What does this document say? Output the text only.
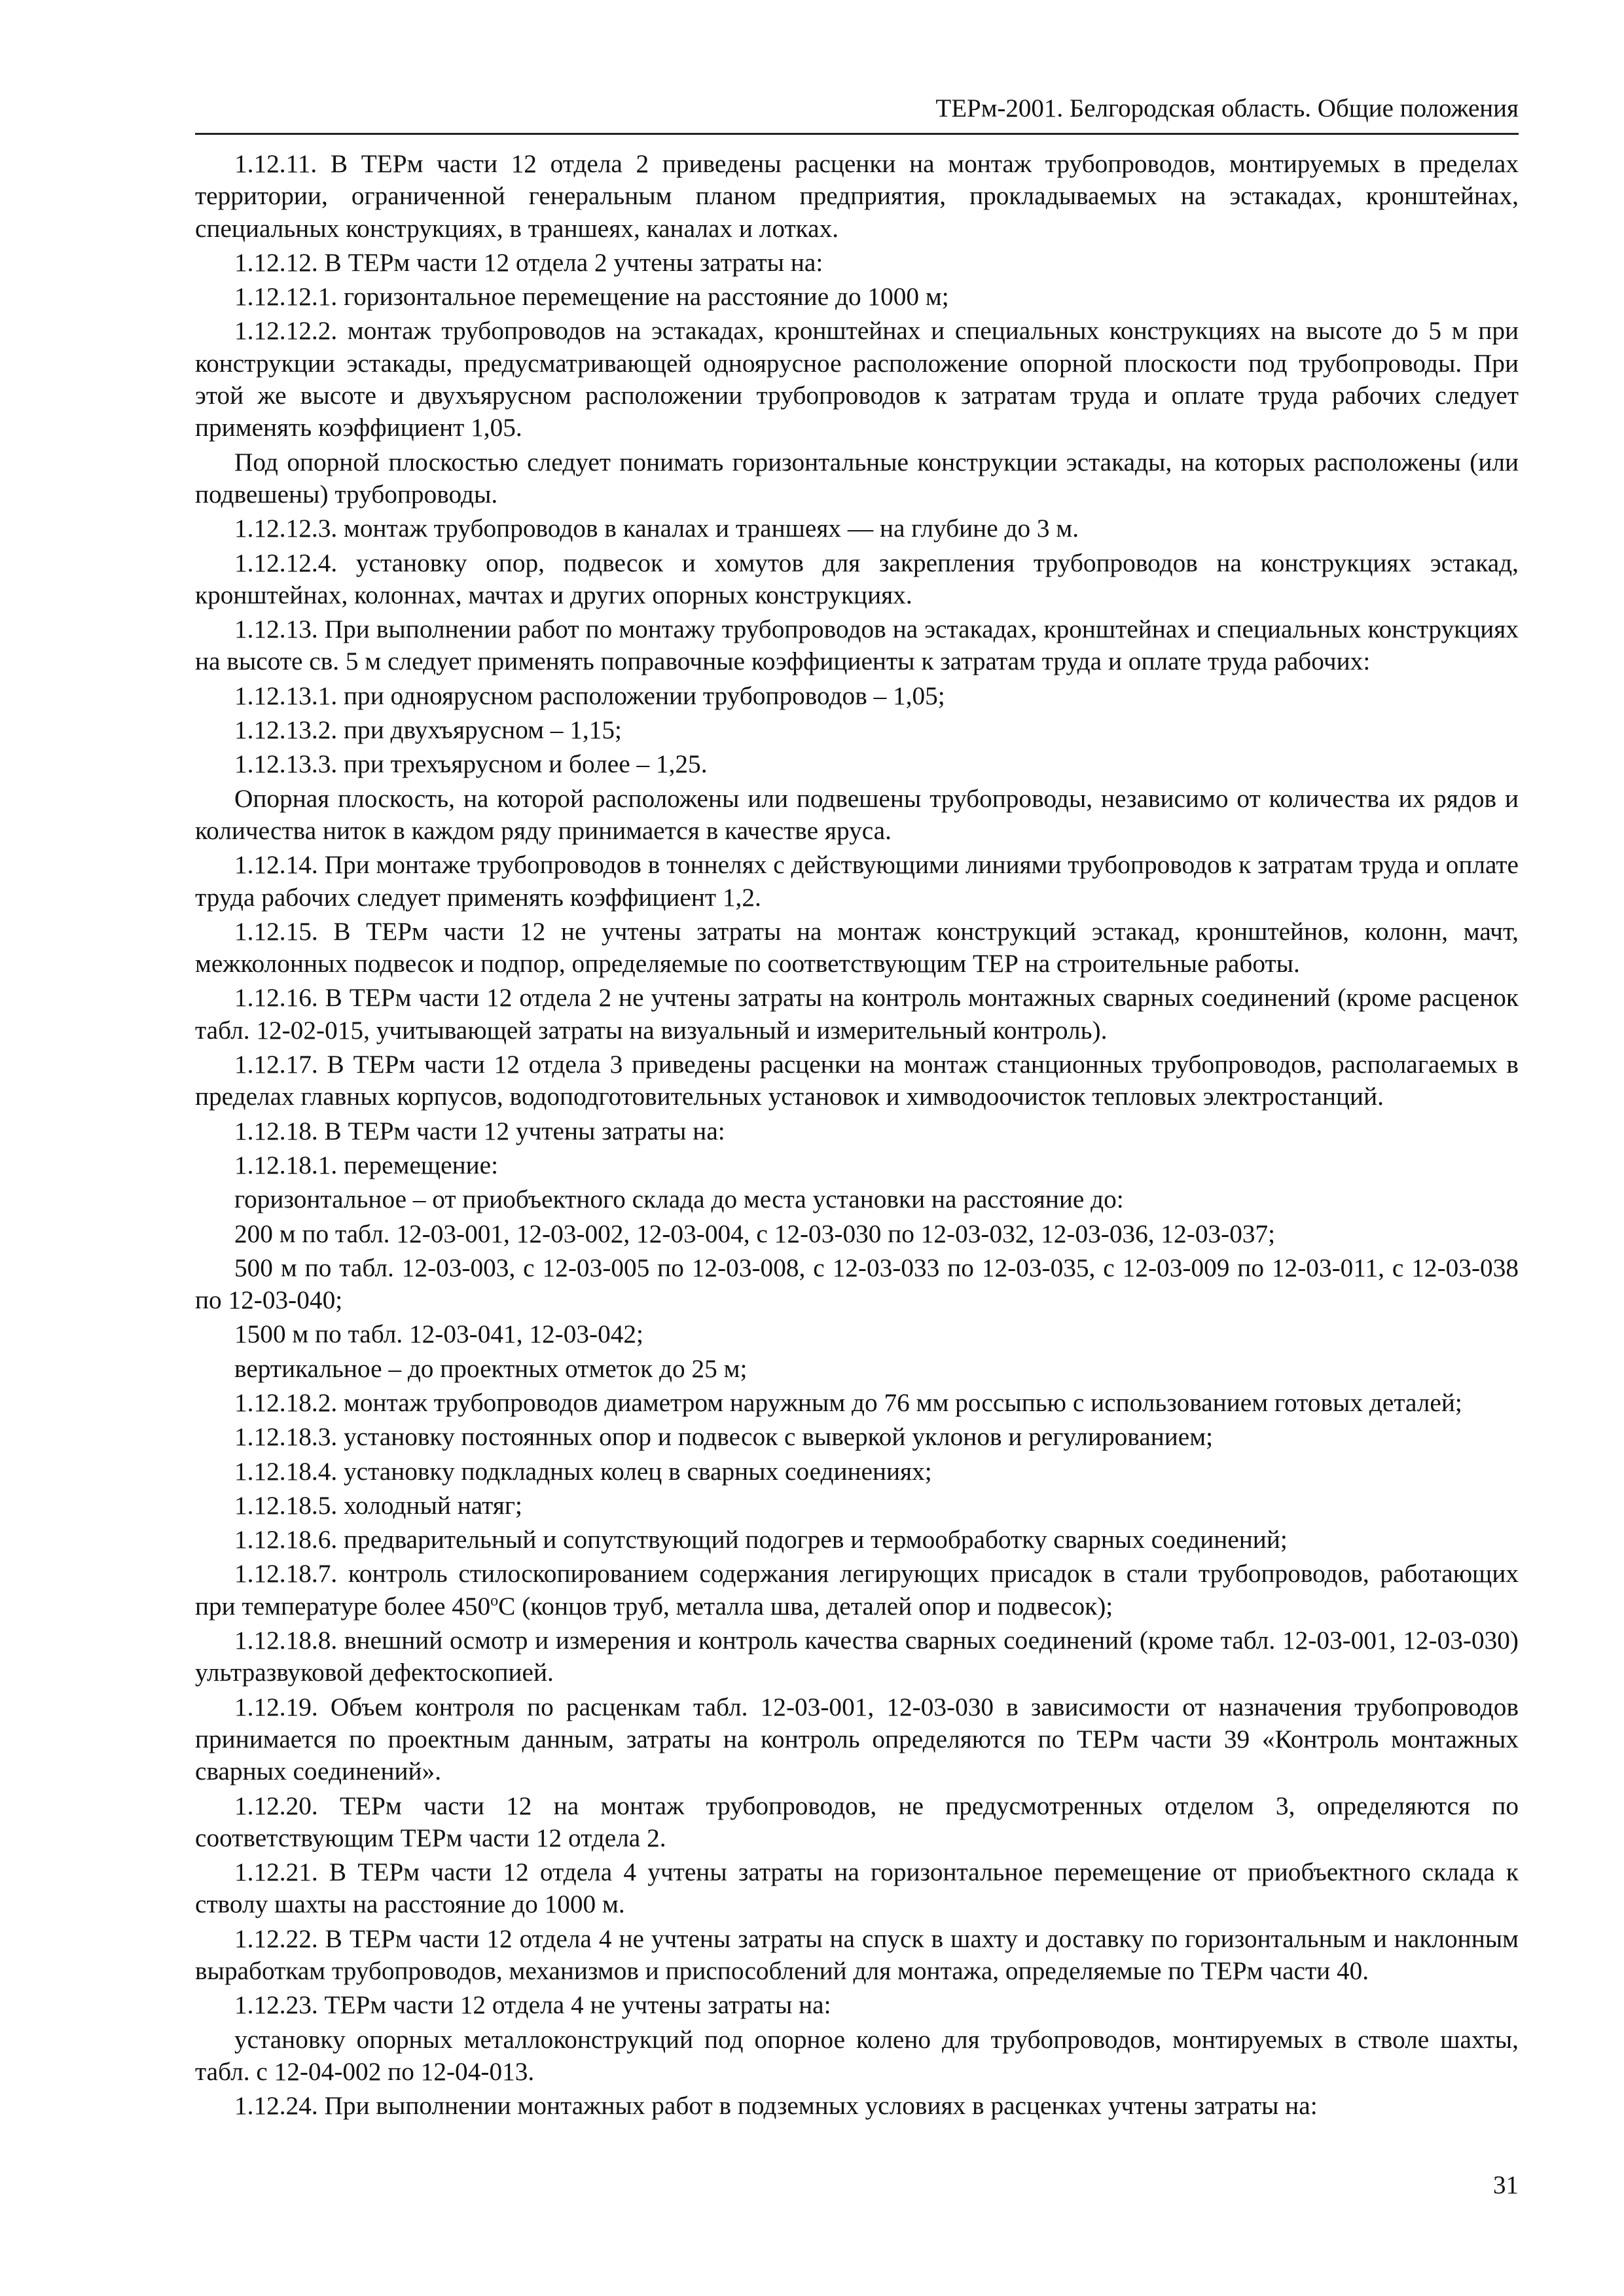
ТЕРм-2001. Белгородская область. Общие положения

1.12.11. В ТЕРм части 12 отдела 2 приведены расценки на монтаж трубопроводов, монтируемых в пределах территории, ограниченной генеральным планом предприятия, прокладываемых на эстакадах, кронштейнах, специальных конструкциях, в траншеях, каналах и лотках.

1.12.12. В ТЕРм части 12 отдела 2 учтены затраты на:

1.12.12.1. горизонтальное перемещение на расстояние до 1000 м;

1.12.12.2. монтаж трубопроводов на эстакадах, кронштейнах и специальных конструкциях на высоте до 5 м при конструкции эстакады, предусматривающей одноярусное расположение опорной плоскости под трубопроводы. При этой же высоте и двухъярусном расположении трубопроводов к затратам труда и оплате труда рабочих следует применять коэффициент 1,05.

Под опорной плоскостью следует понимать горизонтальные конструкции эстакады, на которых расположены (или подвешены) трубопроводы.

1.12.12.3. монтаж трубопроводов в каналах и траншеях — на глубине до 3 м.

1.12.12.4. установку опор, подвесок и хомутов для закрепления трубопроводов на конструкциях эстакад, кронштейнах, колоннах, мачтах и других опорных конструкциях.

1.12.13. При выполнении работ по монтажу трубопроводов на эстакадах, кронштейнах и специальных конструкциях на высоте св. 5 м следует применять поправочные коэффициенты к затратам труда и оплате труда рабочих:

1.12.13.1. при одноярусном расположении трубопроводов – 1,05;

1.12.13.2. при двухъярусном – 1,15;

1.12.13.3. при трехъярусном и более – 1,25.

Опорная плоскость, на которой расположены или подвешены трубопроводы, независимо от количества их рядов и количества ниток в каждом ряду принимается в качестве яруса.

1.12.14. При монтаже трубопроводов в тоннелях с действующими линиями трубопроводов к затратам труда и оплате труда рабочих следует применять коэффициент 1,2.

1.12.15. В ТЕРм части 12 не учтены затраты на монтаж конструкций эстакад, кронштейнов, колонн, мачт, межколонных подвесок и подпор, определяемые по соответствующим ТЕР на строительные работы.

1.12.16. В ТЕРм части 12 отдела 2 не учтены затраты на контроль монтажных сварных соединений (кроме расценок табл. 12-02-015, учитывающей затраты на визуальный и измерительный контроль).

1.12.17. В ТЕРм части 12 отдела 3 приведены расценки на монтаж станционных трубопроводов, располагаемых в пределах главных корпусов, водоподготовительных установок и химводоочисток тепловых электростанций.

1.12.18. В ТЕРм части 12 учтены затраты на:

1.12.18.1. перемещение:

горизонтальное – от приобъектного склада до места установки на расстояние до:

200 м по табл. 12-03-001, 12-03-002, 12-03-004, с 12-03-030 по 12-03-032, 12-03-036, 12-03-037;

500 м по табл. 12-03-003, с 12-03-005 по 12-03-008, с 12-03-033 по 12-03-035, с 12-03-009 по 12-03-011, с 12-03-038 по 12-03-040;

1500 м по табл. 12-03-041, 12-03-042;

вертикальное – до проектных отметок до 25 м;

1.12.18.2. монтаж трубопроводов диаметром наружным до 76 мм россыпью с использованием готовых деталей;

1.12.18.3. установку постоянных опор и подвесок с выверкой уклонов и регулированием;

1.12.18.4. установку подкладных колец в сварных соединениях;

1.12.18.5. холодный натяг;

1.12.18.6. предварительный и сопутствующий подогрев и термообработку сварных соединений;

1.12.18.7. контроль стилоскопированием содержания легирующих присадок в стали трубопроводов, работающих при температуре более $450^оС$ (концов труб, металла шва, деталей опор и подвесок);

1.12.18.8. внешний осмотр и измерения и контроль качества сварных соединений (кроме табл. 12-03-001, 12-03-030) ультразвуковой дефектоскопией.

1.12.19. Объем контроля по расценкам табл. 12-03-001, 12-03-030 в зависимости от назначения трубопроводов принимается по проектным данным, затраты на контроль определяются по ТЕРм части 39 «Контроль монтажных сварных соединений».

1.12.20. ТЕРм части 12 на монтаж трубопроводов, не предусмотренных отделом 3, определяются по соответствующим ТЕРм части 12 отдела 2.

1.12.21. В ТЕРм части 12 отдела 4 учтены затраты на горизонтальное перемещение от приобъектного склада к стволу шахты на расстояние до 1000 м.

1.12.22. В ТЕРм части 12 отдела 4 не учтены затраты на спуск в шахту и доставку по горизонтальным и наклонным выработкам трубопроводов, механизмов и приспособлений для монтажа, определяемые по ТЕРм части 40.

1.12.23. ТЕРм части 12 отдела 4 не учтены затраты на:

установку опорных металлоконструкций под опорное колено для трубопроводов, монтируемых в стволе шахты, табл. с 12-04-002 по 12-04-013.

1.12.24. При выполнении монтажных работ в подземных условиях в расценках учтены затраты на:

31
